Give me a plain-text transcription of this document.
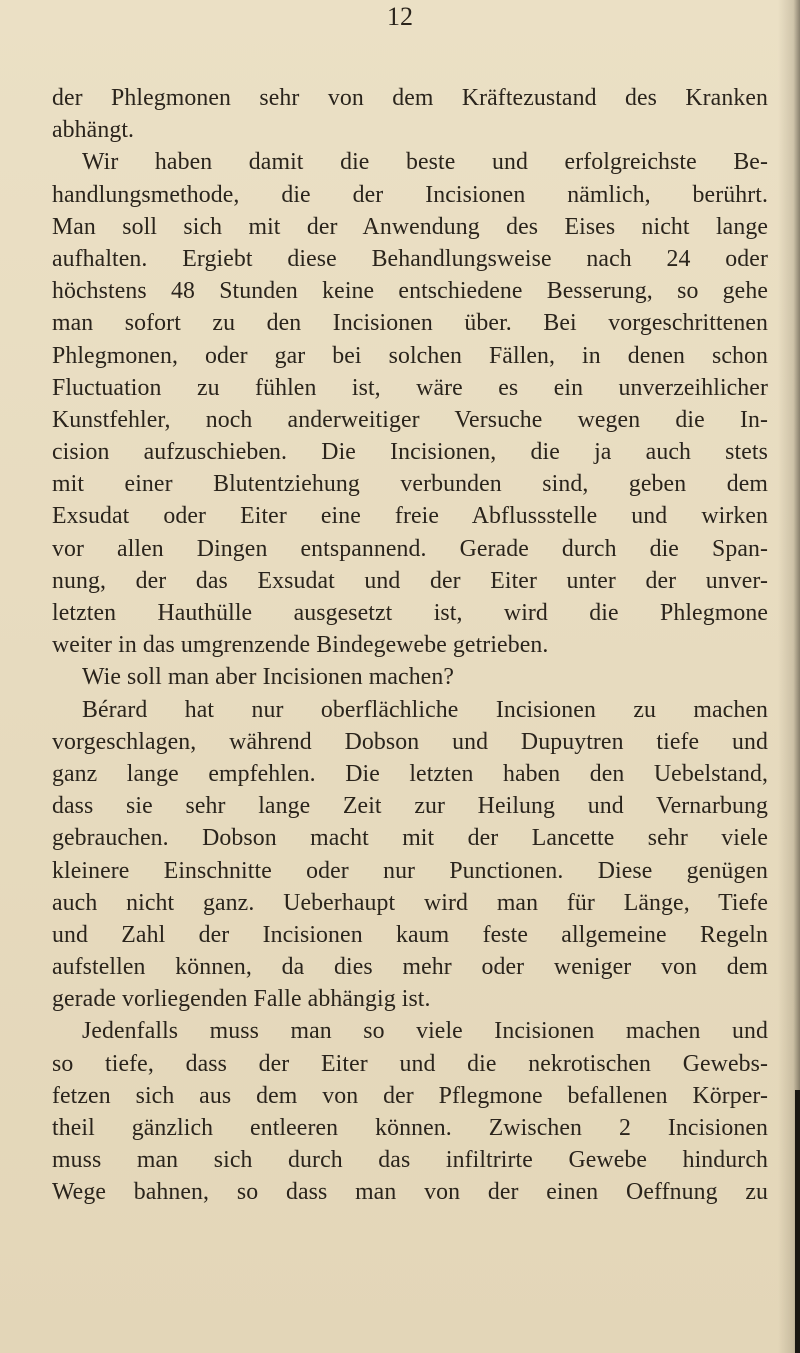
12
der Phlegmonen sehr von dem Kräftezustand des Kranken
abhängt.
Wir haben damit die beste und erfolgreichste Be-
handlungsmethode, die der Incisionen nämlich, berührt.
Man soll sich mit der Anwendung des Eises nicht lange
aufhalten. Ergiebt diese Behandlungsweise nach 24 oder
höchstens 48 Stunden keine entschiedene Besserung, so gehe
man sofort zu den Incisionen über. Bei vorgeschrittenen
Phlegmonen, oder gar bei solchen Fällen, in denen schon
Fluctuation zu fühlen ist, wäre es ein unverzeihlicher
Kunstfehler, noch anderweitiger Versuche wegen die In-
cision aufzuschieben. Die Incisionen, die ja auch stets
mit einer Blutentziehung verbunden sind, geben dem
Exsudat oder Eiter eine freie Abflussstelle und wirken
vor allen Dingen entspannend. Gerade durch die Span-
nung, der das Exsudat und der Eiter unter der unver-
letzten Hauthülle ausgesetzt ist, wird die Phlegmone
weiter in das umgrenzende Bindegewebe getrieben.
Wie soll man aber Incisionen machen?
Bérard hat nur oberflächliche Incisionen zu machen
vorgeschlagen, während Dobson und Dupuytren tiefe und
ganz lange empfehlen. Die letzten haben den Uebelstand,
dass sie sehr lange Zeit zur Heilung und Vernarbung
gebrauchen. Dobson macht mit der Lancette sehr viele
kleinere Einschnitte oder nur Punctionen. Diese genügen
auch nicht ganz. Ueberhaupt wird man für Länge, Tiefe
und Zahl der Incisionen kaum feste allgemeine Regeln
aufstellen können, da dies mehr oder weniger von dem
gerade vorliegenden Falle abhängig ist.
Jedenfalls muss man so viele Incisionen machen und
so tiefe, dass der Eiter und die nekrotischen Gewebs-
fetzen sich aus dem von der Pflegmone befallenen Körper-
theil gänzlich entleeren können. Zwischen 2 Incisionen
muss man sich durch das infiltrirte Gewebe hindurch
Wege bahnen, so dass man von der einen Oeffnung zu
